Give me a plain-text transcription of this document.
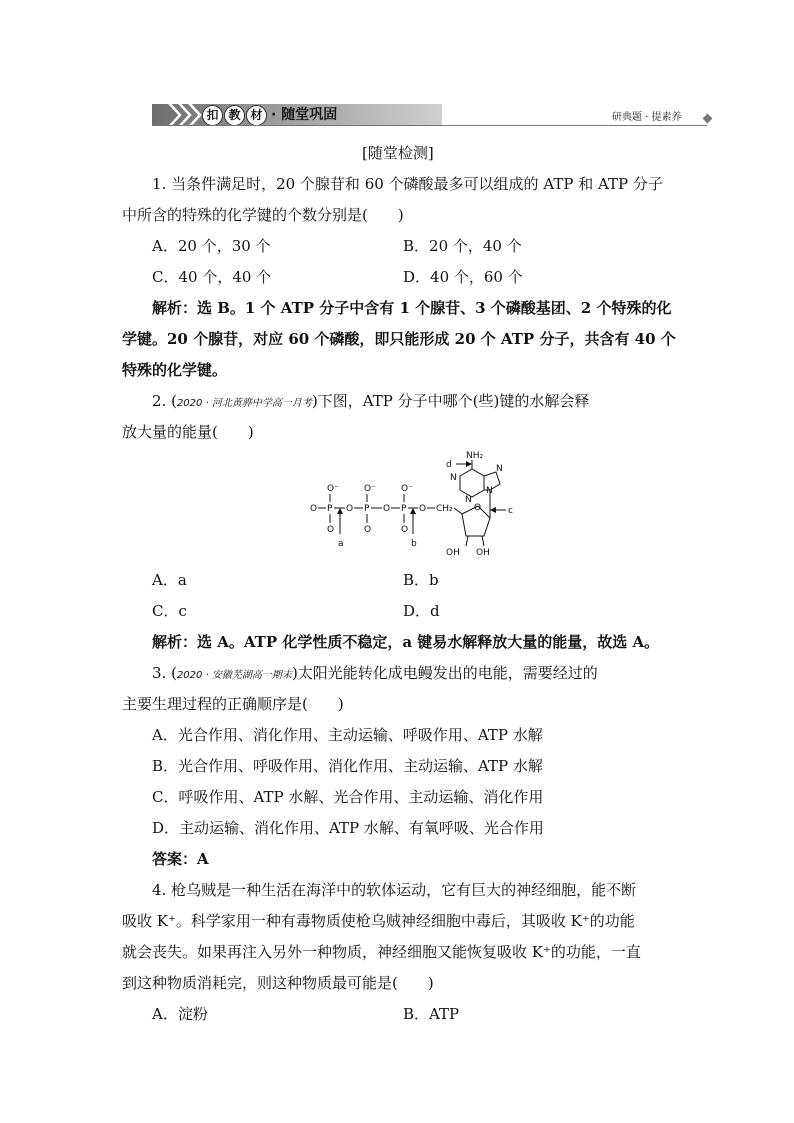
扣 教 材 · 随堂巩固	研典题 · 提素养
[随堂检测]
1. 当条件满足时，20 个腺苷和 60 个磷酸最多可以组成的 ATP 和 ATP 分子
中所含的特殊的化学键的个数分别是(　　)
A．20 个，30 个	B．20 个，40 个
C．40 个，40 个	D．40 个，60 个
解析：选 B。1 个 ATP 分子中含有 1 个腺苷、3 个磷酸基团、2 个特殊的化
学键。20 个腺苷，对应 60 个磷酸，即只能形成 20 个 ATP 分子，共含有 40 个
特殊的化学键。
2. (2020 · 河北黄骅中学高一月考)下图，ATP 分子中哪个(些)键的水解会释
放大量的能量(　　)
O P
O⁻
O
O P
O⁻
O
O P
O⁻
O
O CH₂
a	b
O
OH OH
c
N
N
N
N
NH₂
d
A．a	B．b
C．c	D．d
解析：选 A。ATP 化学性质不稳定，a 键易水解释放大量的能量，故选 A。
3. (2020 · 安徽芜湖高一期末)太阳光能转化成电鳗发出的电能，需要经过的
主要生理过程的正确顺序是(　　)
A．光合作用、消化作用、主动运输、呼吸作用、ATP 水解
B．光合作用、呼吸作用、消化作用、主动运输、ATP 水解
C．呼吸作用、ATP 水解、光合作用、主动运输、消化作用
D．主动运输、消化作用、ATP 水解、有氧呼吸、光合作用
答案：A
4. 枪乌贼是一种生活在海洋中的软体运动，它有巨大的神经细胞，能不断
吸收 K⁺。科学家用一种有毒物质使枪乌贼神经细胞中毒后，其吸收 K⁺的功能
就会丧失。如果再注入另外一种物质，神经细胞又能恢复吸收 K⁺的功能，一直
到这种物质消耗完，则这种物质最可能是(　　)
A．淀粉	B．ATP
